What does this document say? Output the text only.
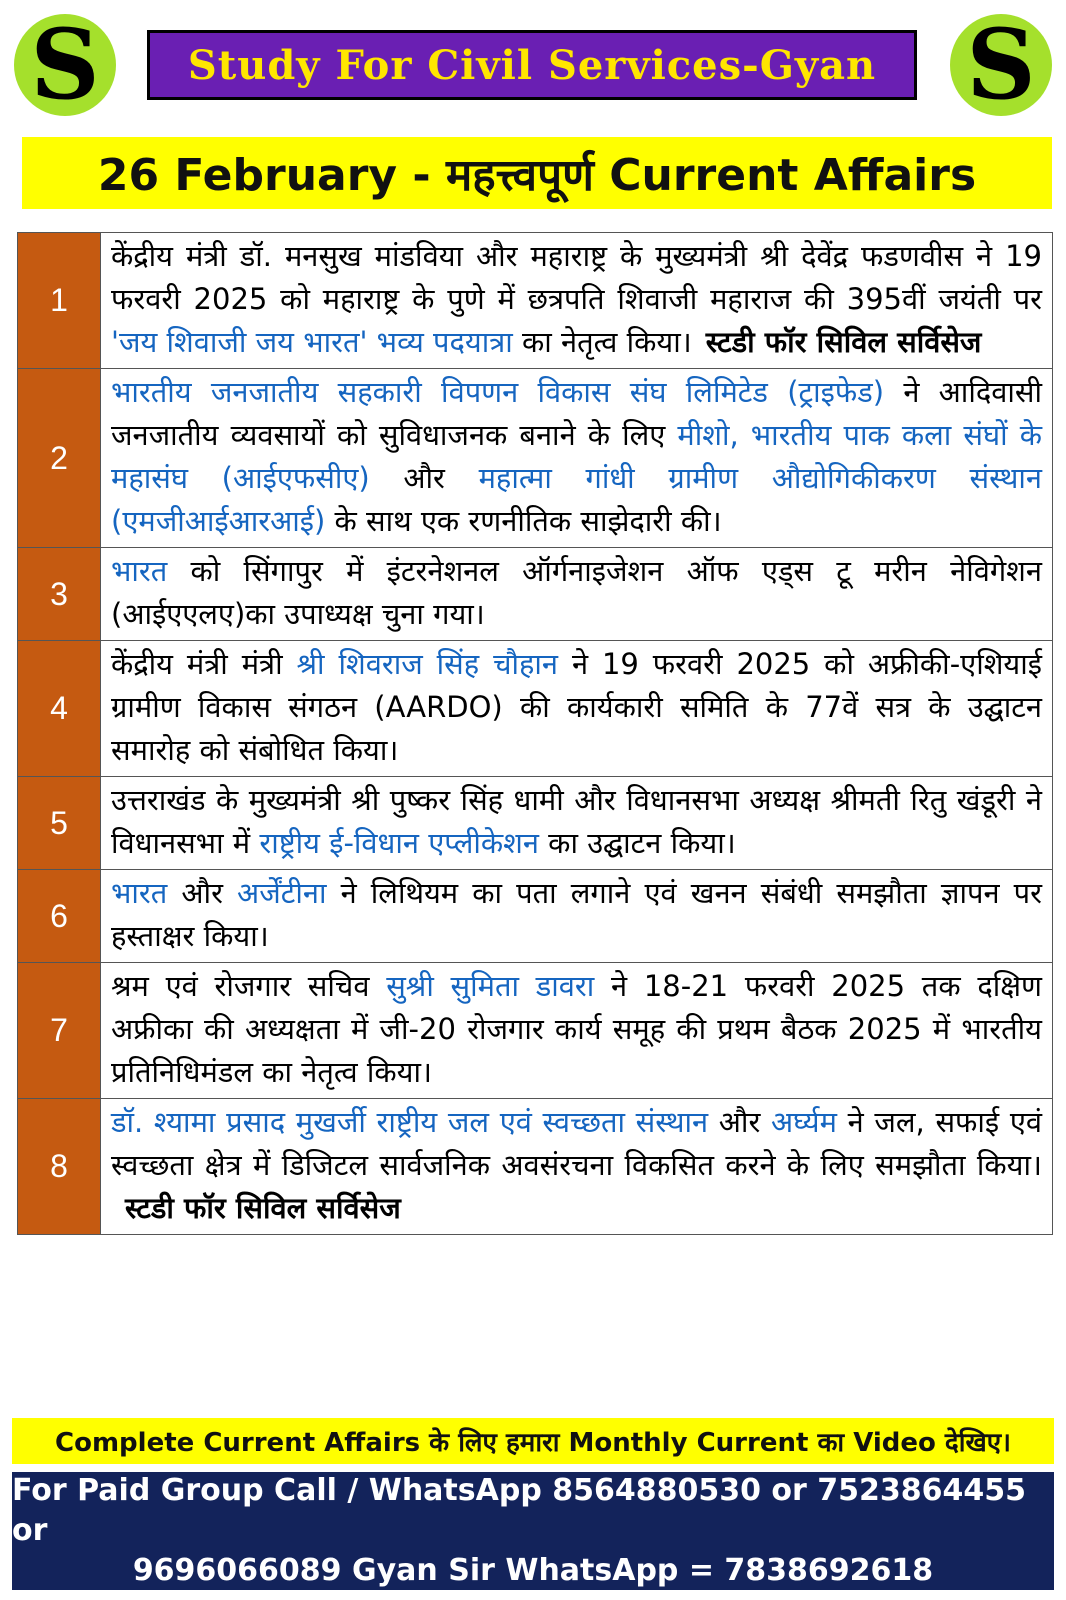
S	Study For Civil Services-Gyan S
26 February - महत्त्वपूर्ण Current Affairs
1	केंद्रीय मंत्री डॉ. मनसुख मांडविया और महाराष्ट्र के मुख्यमंत्री श्री देवेंद्र फडणवीस ने 19 फरवरी 2025 को महाराष्ट्र के पुणे में छत्रपति शिवाजी महाराज की 395वीं जयंती पर 'जय शिवाजी जय भारत' भव्य पदयात्रा का नेतृत्व किया। स्टडी फॉर सिविल सर्विसेज
2	भारतीय जनजातीय सहकारी विपणन विकास संघ लिमिटेड (ट्राइफेड) ने आदिवासी जनजातीय व्यवसायों को सुविधाजनक बनाने के लिए मीशो, भारतीय पाक कला संघों के महासंघ (आईएफसीए) और महात्मा गांधी ग्रामीण औद्योगिकीकरण संस्थान (एमजीआईआरआई) के साथ एक रणनीतिक साझेदारी की।
3	भारत को सिंगापुर में इंटरनेशनल ऑर्गनाइजेशन ऑफ एड्स टू मरीन नेविगेशन (आईएएलए)का उपाध्यक्ष चुना गया।
4	केंद्रीय मंत्री मंत्री श्री शिवराज सिंह चौहान ने 19 फरवरी 2025 को अफ्रीकी-एशियाई ग्रामीण विकास संगठन (AARDO) की कार्यकारी समिति के 77वें सत्र के उद्घाटन समारोह को संबोधित किया।
5	उत्तराखंड के मुख्यमंत्री श्री पुष्कर सिंह धामी और विधानसभा अध्यक्ष श्रीमती रितु खंडूरी ने विधानसभा में राष्ट्रीय ई-विधान एप्लीकेशन का उद्घाटन किया।
6	भारत और अर्जेंटीना ने लिथियम का पता लगाने एवं खनन संबंधी समझौता ज्ञापन पर हस्ताक्षर किया।
7	श्रम एवं रोजगार सचिव सुश्री सुमिता डावरा ने 18-21 फरवरी 2025 तक दक्षिण अफ्रीका की अध्यक्षता में जी-20 रोजगार कार्य समूह की प्रथम बैठक 2025 में भारतीय प्रतिनिधिमंडल का नेतृत्व किया।
8	डॉ. श्यामा प्रसाद मुखर्जी राष्ट्रीय जल एवं स्वच्छता संस्थान और अर्घ्यम ने जल, सफाई एवं स्वच्छता क्षेत्र में डिजिटल सार्वजनिक अवसंरचना विकसित करने के लिए समझौता किया।स्टडी फॉर सिविल सर्विसेज
Complete Current Affairs के लिए हमारा Monthly Current का Video देखिए।
For Paid Group Call / WhatsApp 8564880530 or 7523864455 or
9696066089 Gyan Sir WhatsApp = 7838692618
